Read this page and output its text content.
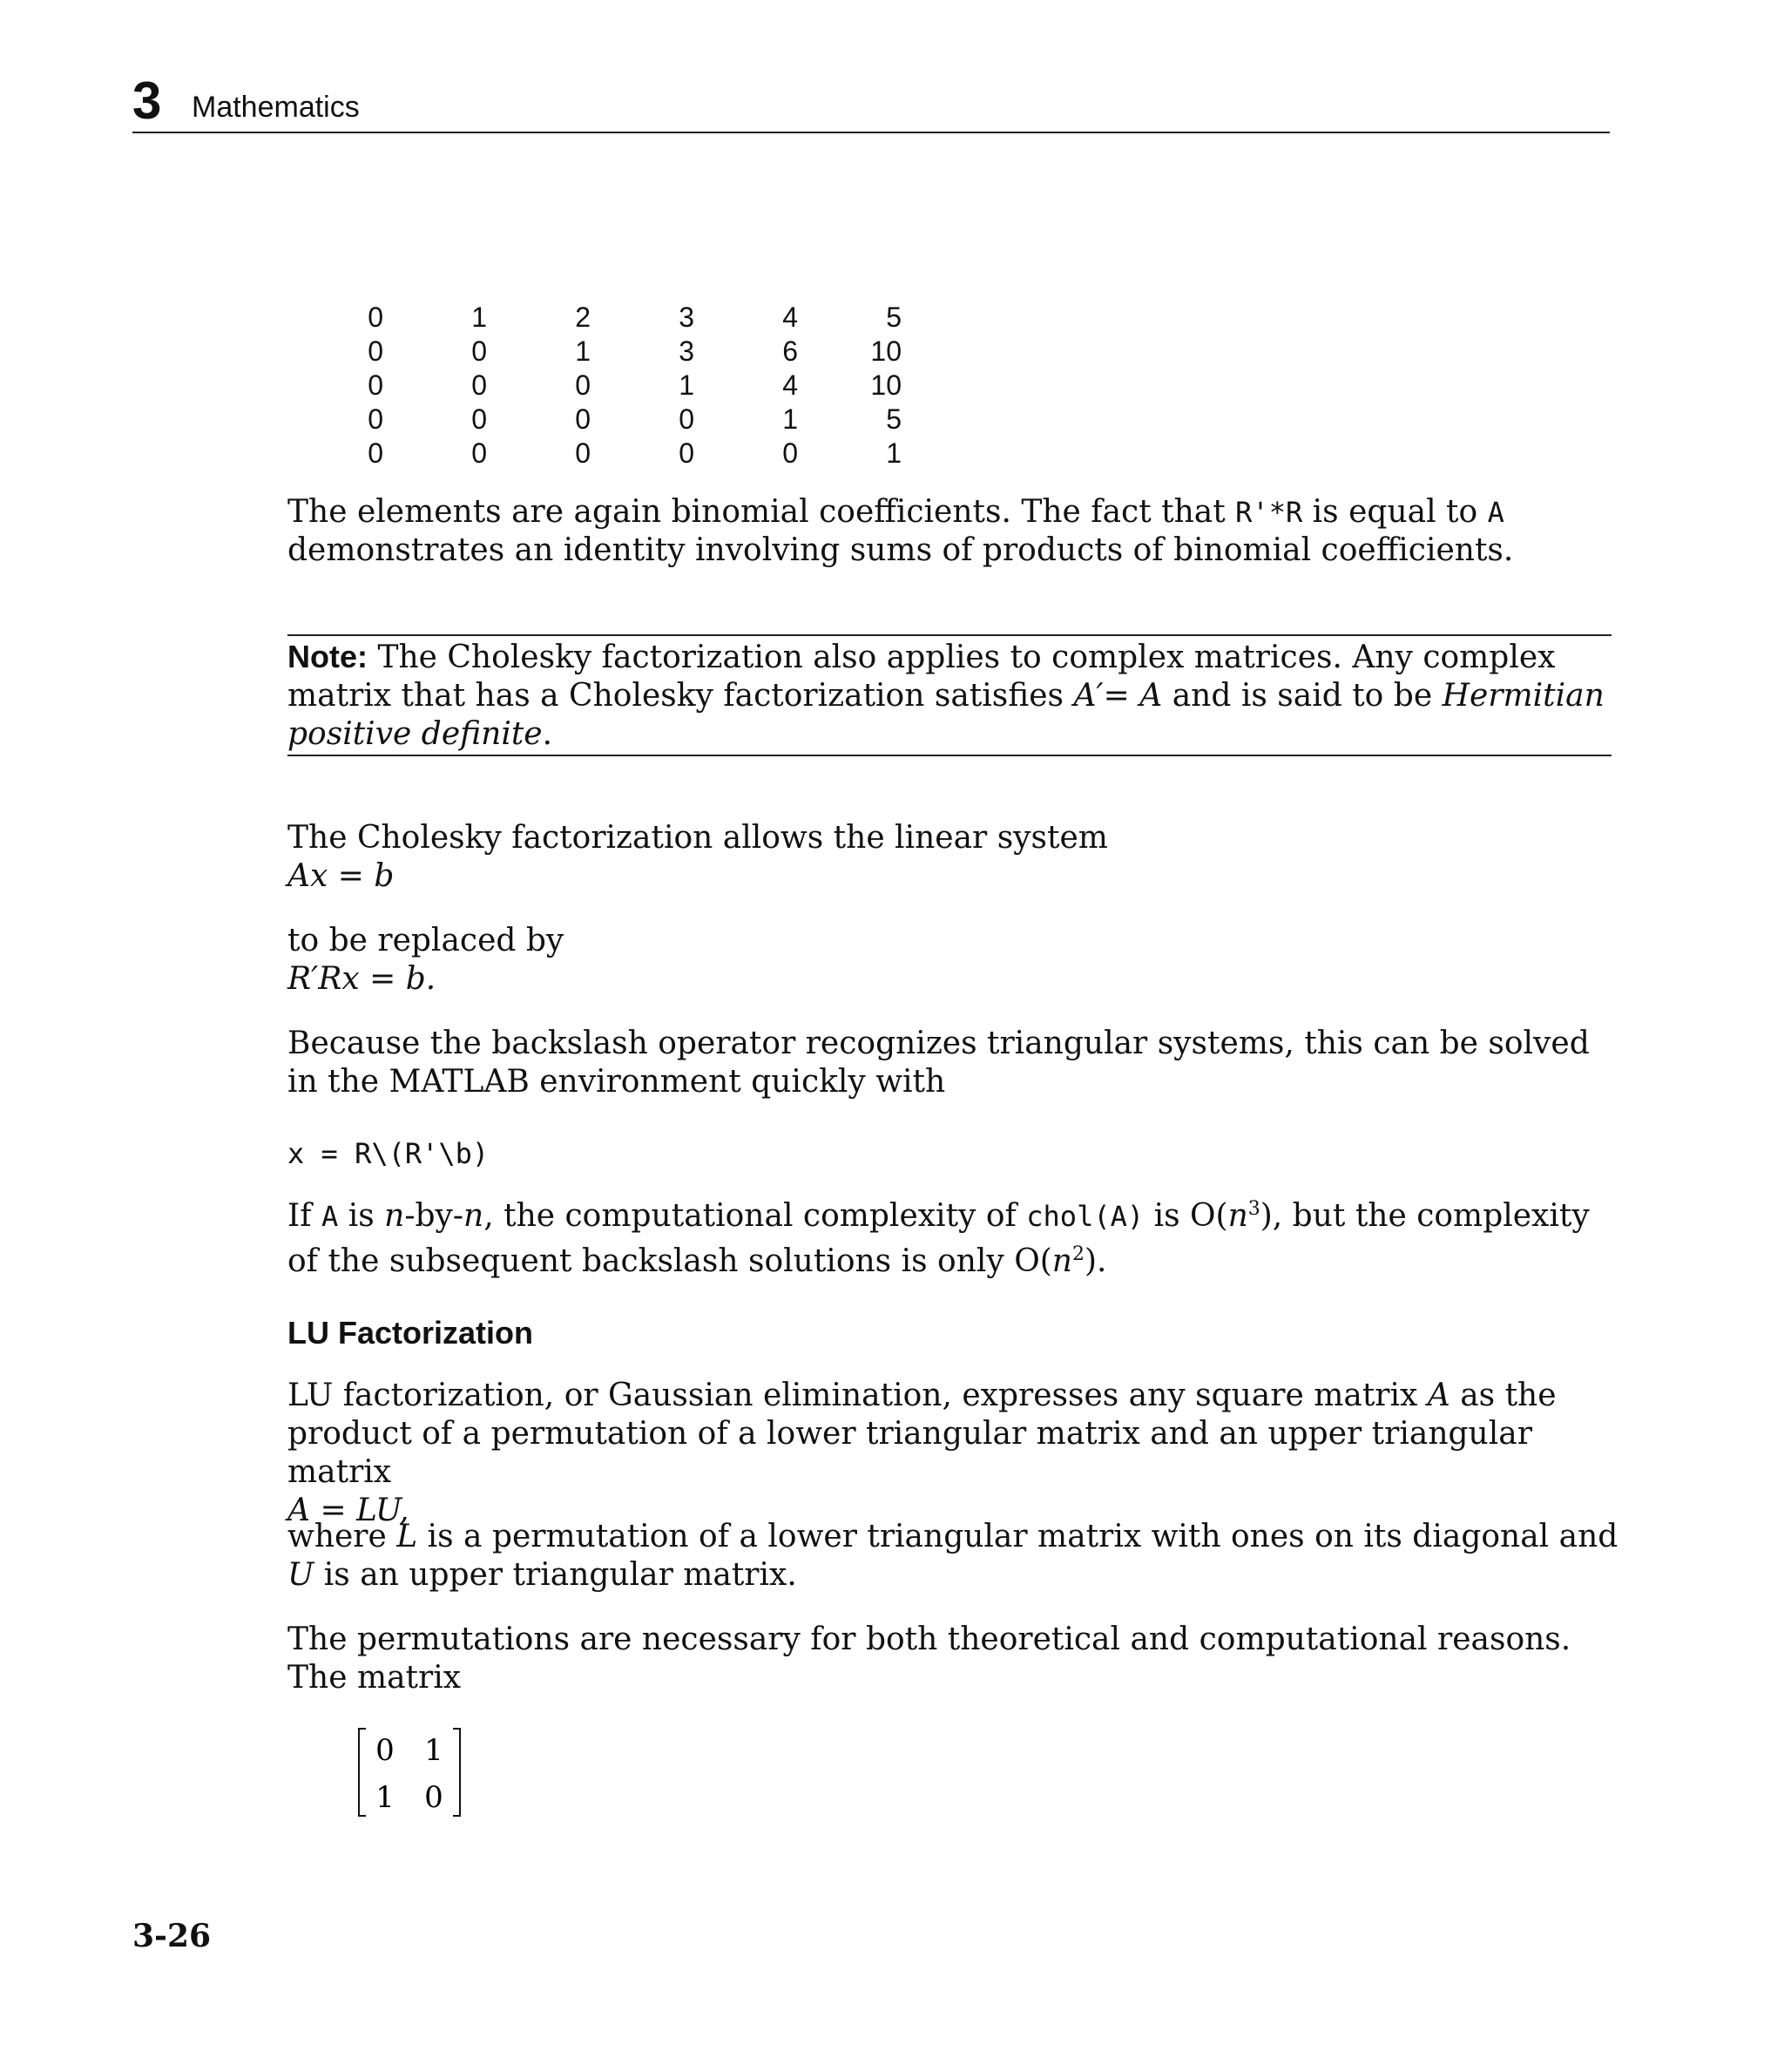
3 Mathematics
0	1	2	3	4	5
0	0	1	3	6	10
0	0	0	1	4	10
0	0	0	0	1	5
0	0	0	0	0	1
The elements are again binomial coefficients. The fact that R'*R is equal to A
demonstrates an identity involving sums of products of binomial coefficients.
Note: The Cholesky factorization also applies to complex matrices. Any complex matrix that has a Cholesky factorization satisfies A′= A and is said to be Hermitian positive definite.
The Cholesky factorization allows the linear system
Ax = b
to be replaced by
R′Rx = b.
Because the backslash operator recognizes triangular systems, this can be solved in the MATLAB environment quickly with
x = R\(R'\b)
If A is n-by-n, the computational complexity of chol(A) is $O(n^3)$, but the complexity of the subsequent backslash solutions is only $O(n^2)$.
LU Factorization
LU factorization, or Gaussian elimination, expresses any square matrix A as the product of a permutation of a lower triangular matrix and an upper triangular matrix
A = LU,
where L is a permutation of a lower triangular matrix with ones on its diagonal and U is an upper triangular matrix.
The permutations are necessary for both theoretical and computational reasons. The matrix
0 1
1 0
3-26
